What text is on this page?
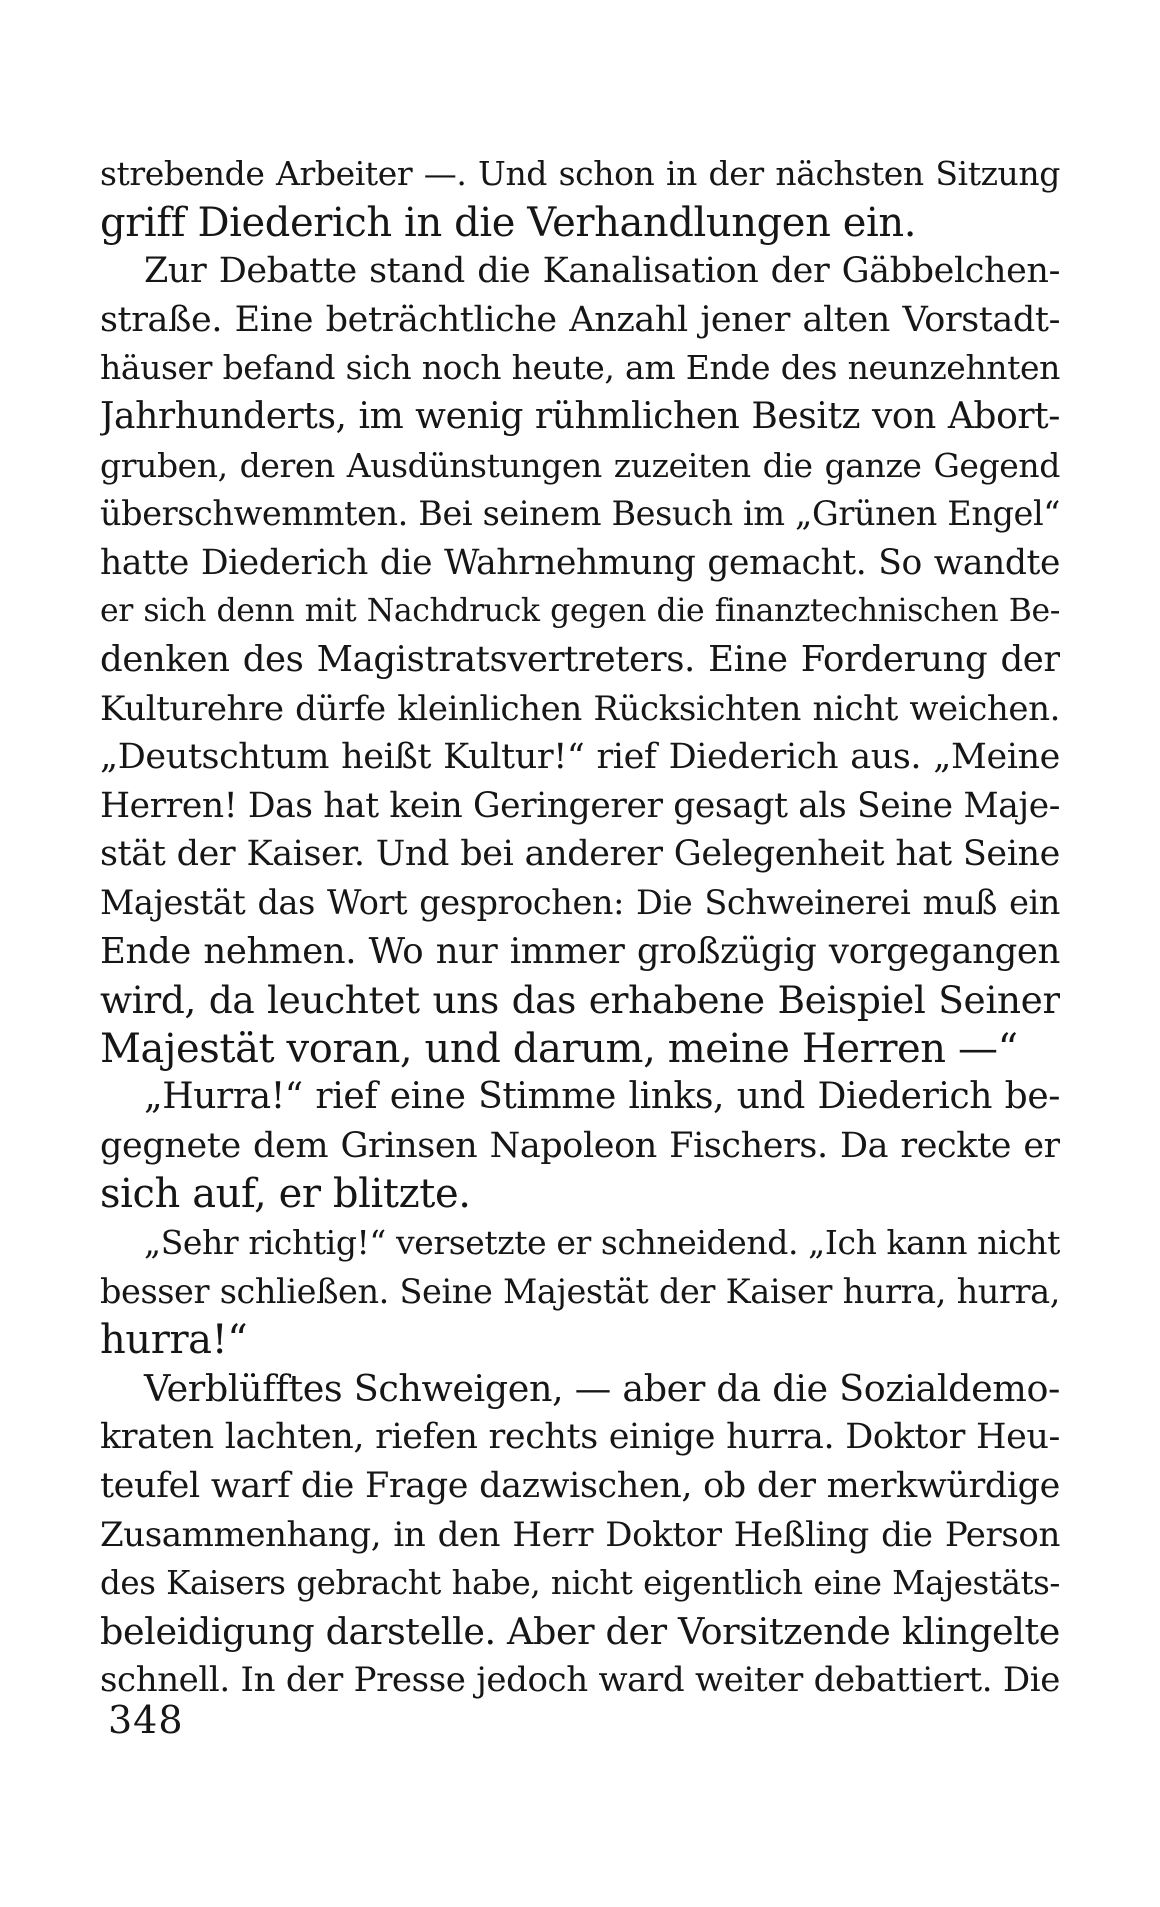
strebende Arbeiter —. Und schon in der nächsten Sitzung
griff Diederich in die Verhandlungen ein.
Zur Debatte stand die Kanalisation der Gäbbelchen-
straße. Eine beträchtliche Anzahl jener alten Vorstadt-
häuser befand sich noch heute, am Ende des neunzehnten
Jahrhunderts, im wenig rühmlichen Besitz von Abort-
gruben, deren Ausdünstungen zuzeiten die ganze Gegend
überschwemmten. Bei seinem Besuch im „Grünen Engel“
hatte Diederich die Wahrnehmung gemacht. So wandte
er sich denn mit Nachdruck gegen die finanztechnischen Be-
denken des Magistratsvertreters. Eine Forderung der
Kulturehre dürfe kleinlichen Rücksichten nicht weichen.
„Deutschtum heißt Kultur!“ rief Diederich aus. „Meine
Herren! Das hat kein Geringerer gesagt als Seine Maje-
stät der Kaiser. Und bei anderer Gelegenheit hat Seine
Majestät das Wort gesprochen: Die Schweinerei muß ein
Ende nehmen. Wo nur immer großzügig vorgegangen
wird, da leuchtet uns das erhabene Beispiel Seiner
Majestät voran, und darum, meine Herren —“
„Hurra!“ rief eine Stimme links, und Diederich be-
gegnete dem Grinsen Napoleon Fischers. Da reckte er
sich auf, er blitzte.
„Sehr richtig!“ versetzte er schneidend. „Ich kann nicht
besser schließen. Seine Majestät der Kaiser hurra, hurra,
hurra!“
Verblüfftes Schweigen, — aber da die Sozialdemo-
kraten lachten, riefen rechts einige hurra. Doktor Heu-
teufel warf die Frage dazwischen, ob der merkwürdige
Zusammenhang, in den Herr Doktor Heßling die Person
des Kaisers gebracht habe, nicht eigentlich eine Majestäts-
beleidigung darstelle. Aber der Vorsitzende klingelte
schnell. In der Presse jedoch ward weiter debattiert. Die
348
